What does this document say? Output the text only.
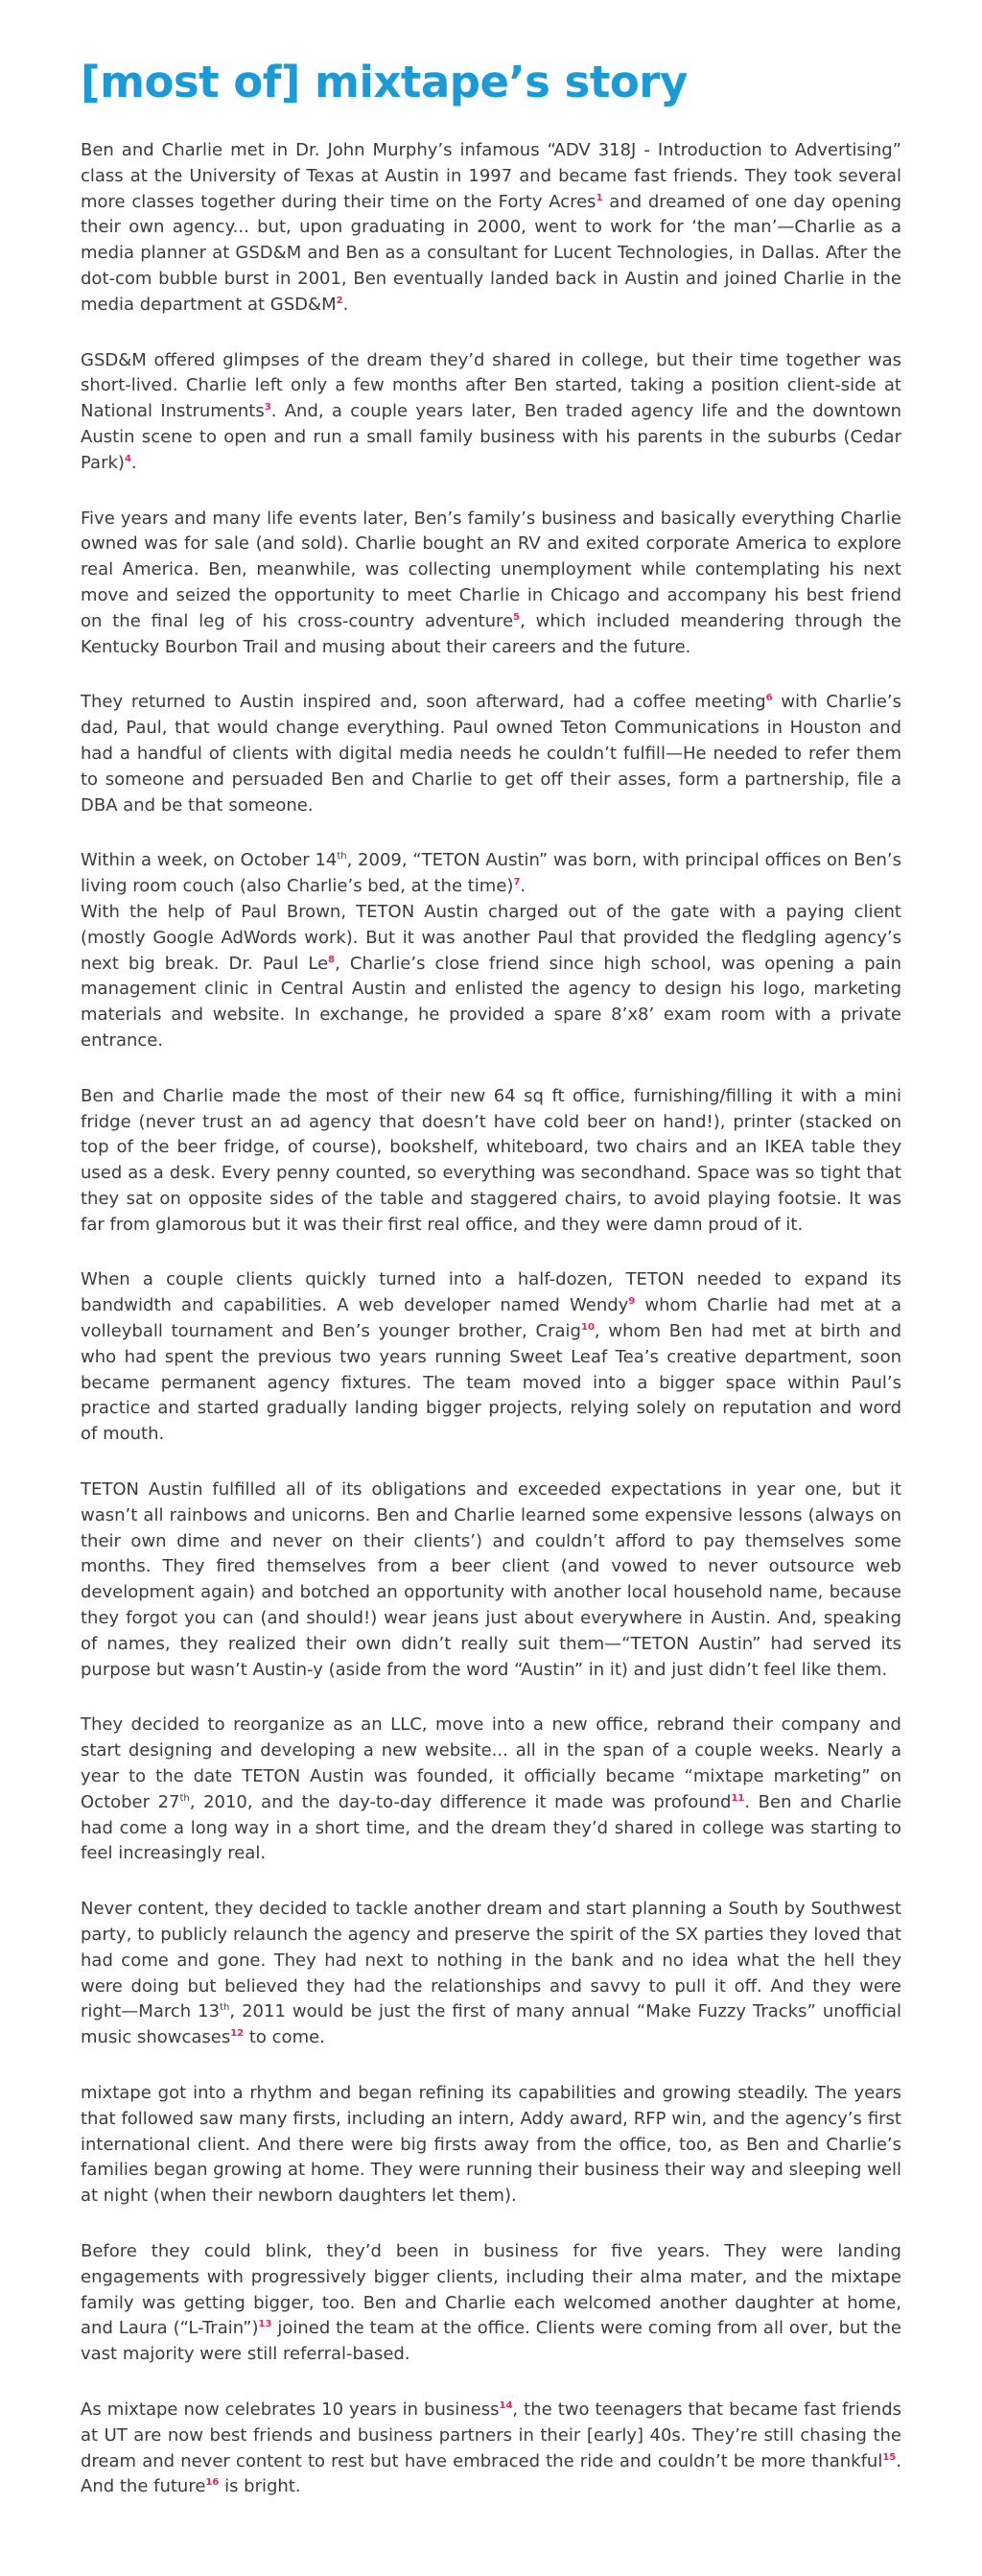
[most of] mixtape’s story

Ben and Charlie met in Dr. John Murphy’s infamous “ADV 318J - Introduction to Advertising” class at the University of Texas at Austin in 1997 and became fast friends. They took several more classes together during their time on the Forty Acres$^1$ and dreamed of one day opening their own agency... but, upon graduating in 2000, went to work for ‘the man’—Charlie as a media planner at GSD&M and Ben as a consultant for Lucent Technologies, in Dallas. After the dot-com bubble burst in 2001, Ben eventually landed back in Austin and joined Charlie in the media department at GSD&M$^2$.

GSD&M offered glimpses of the dream they’d shared in college, but their time together was short-lived. Charlie left only a few months after Ben started, taking a position client-side at National Instruments$^3$. And, a couple years later, Ben traded agency life and the downtown Austin scene to open and run a small family business with his parents in the suburbs (Cedar Park)$^4$.

Five years and many life events later, Ben’s family’s business and basically everything Charlie owned was for sale (and sold). Charlie bought an RV and exited corporate America to explore real America. Ben, meanwhile, was collecting unemployment while contemplating his next move and seized the opportunity to meet Charlie in Chicago and accompany his best friend on the final leg of his cross-country adventure$^5$, which included meandering through the Kentucky Bourbon Trail and musing about their careers and the future.

They returned to Austin inspired and, soon afterward, had a coffee meeting$^6$ with Charlie’s dad, Paul, that would change everything. Paul owned Teton Communications in Houston and had a handful of clients with digital media needs he couldn’t fulfill—He needed to refer them to someone and persuaded Ben and Charlie to get off their asses, form a partnership, file a DBA and be that someone.

Within a week, on October 14th, 2009, “TETON Austin” was born, with principal offices on Ben’s living room couch (also Charlie’s bed, at the time)$^7$.

With the help of Paul Brown, TETON Austin charged out of the gate with a paying client (mostly Google AdWords work). But it was another Paul that provided the fledgling agency’s next big break. Dr. Paul Le$^8$, Charlie’s close friend since high school, was opening a pain management clinic in Central Austin and enlisted the agency to design his logo, marketing materials and website. In exchange, he provided a spare 8’x8’ exam room with a private entrance.

Ben and Charlie made the most of their new 64 sq ft office, furnishing/filling it with a mini fridge (never trust an ad agency that doesn’t have cold beer on hand!), printer (stacked on top of the beer fridge, of course), bookshelf, whiteboard, two chairs and an IKEA table they used as a desk. Every penny counted, so everything was secondhand. Space was so tight that they sat on opposite sides of the table and staggered chairs, to avoid playing footsie. It was far from glamorous but it was their first real office, and they were damn proud of it.

When a couple clients quickly turned into a half-dozen, TETON needed to expand its bandwidth and capabilities. A web developer named Wendy$^9$ whom Charlie had met at a volleyball tournament and Ben’s younger brother, Craig$^{10}$, whom Ben had met at birth and who had spent the previous two years running Sweet Leaf Tea’s creative department, soon became permanent agency fixtures. The team moved into a bigger space within Paul’s practice and started gradually landing bigger projects, relying solely on reputation and word of mouth.

TETON Austin fulfilled all of its obligations and exceeded expectations in year one, but it wasn’t all rainbows and unicorns. Ben and Charlie learned some expensive lessons (always on their own dime and never on their clients’) and couldn’t afford to pay themselves some months. They fired themselves from a beer client (and vowed to never outsource web development again) and botched an opportunity with another local household name, because they forgot you can (and should!) wear jeans just about everywhere in Austin. And, speaking of names, they realized their own didn’t really suit them—“TETON Austin” had served its purpose but wasn’t Austin-y (aside from the word “Austin” in it) and just didn’t feel like them.

They decided to reorganize as an LLC, move into a new office, rebrand their company and start designing and developing a new website... all in the span of a couple weeks. Nearly a year to the date TETON Austin was founded, it officially became “mixtape marketing” on October 27th, 2010, and the day-to-day difference it made was profound$^{11}$. Ben and Charlie had come a long way in a short time, and the dream they’d shared in college was starting to feel increasingly real.

Never content, they decided to tackle another dream and start planning a South by Southwest party, to publicly relaunch the agency and preserve the spirit of the SX parties they loved that had come and gone. They had next to nothing in the bank and no idea what the hell they were doing but believed they had the relationships and savvy to pull it off. And they were right—March 13th, 2011 would be just the first of many annual “Make Fuzzy Tracks” unofficial music showcases$^{12}$ to come.

mixtape got into a rhythm and began refining its capabilities and growing steadily. The years that followed saw many firsts, including an intern, Addy award, RFP win, and the agency’s first international client. And there were big firsts away from the office, too, as Ben and Charlie’s families began growing at home. They were running their business their way and sleeping well at night (when their newborn daughters let them).

Before they could blink, they’d been in business for five years. They were landing engagements with progressively bigger clients, including their alma mater, and the mixtape family was getting bigger, too. Ben and Charlie each welcomed another daughter at home, and Laura (“L-Train”)$^{13}$ joined the team at the office. Clients were coming from all over, but the vast majority were still referral-based.

As mixtape now celebrates 10 years in business$^{14}$, the two teenagers that became fast friends at UT are now best friends and business partners in their [early] 40s. They’re still chasing the dream and never content to rest but have embraced the ride and couldn’t be more thankful$^{15}$. And the future$^{16}$ is bright.
